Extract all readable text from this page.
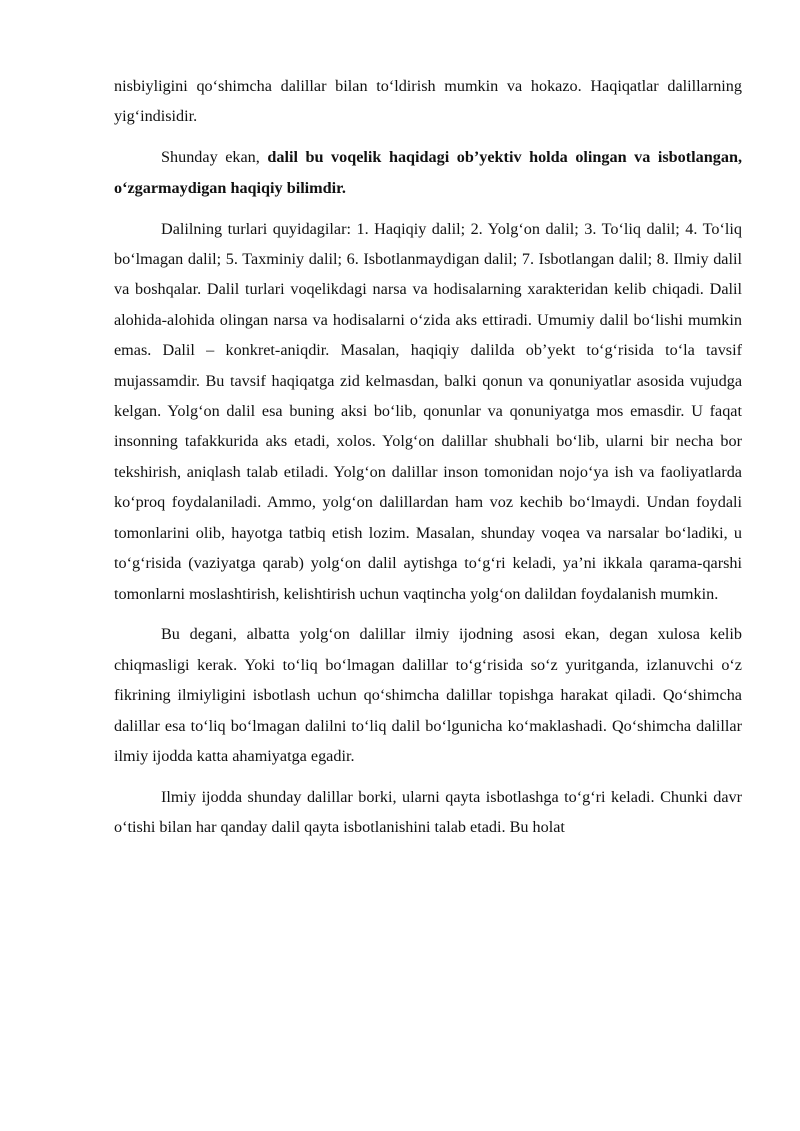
nisbiyligini qo‘shimcha dalillar bilan to‘ldirish mumkin va hokazo. Haqiqatlar dalillarning yig‘indisidir.

Shunday ekan, dalil bu voqelik haqidagi ob’yektiv holda olingan va isbotlangan, o‘zgarmaydigan haqiqiy bilimdir.

Dalilning turlari quyidagilar: 1. Haqiqiy dalil; 2. Yolg‘on dalil; 3. To‘liq dalil; 4. To‘liq bo‘lmagan dalil; 5. Taxminiy dalil; 6. Isbotlanmaydigan dalil; 7. Isbotlangan dalil; 8. Ilmiy dalil va boshqalar. Dalil turlari voqelikdagi narsa va hodisalarning xarakteridan kelib chiqadi. Dalil alohida-alohida olingan narsa va hodisalarni o‘zida aks ettiradi. Umumiy dalil bo‘lishi mumkin emas. Dalil – konkret-aniqdir. Masalan, haqiqiy dalilda ob’yekt to‘g‘risida to‘la tavsif mujassamdir. Bu tavsif haqiqatga zid kelmasdan, balki qonun va qonuniyatlar asosida vujudga kelgan. Yolg‘on dalil esa buning aksi bo‘lib, qonunlar va qonuniyatga mos emasdir. U faqat insonning tafakkurida aks etadi, xolos. Yolg‘on dalillar shubhali bo‘lib, ularni bir necha bor tekshirish, aniqlash talab etiladi. Yolg‘on dalillar inson tomonidan nojo‘ya ish va faoliyatlarda ko‘proq foydalaniladi. Ammo, yolg‘on dalillardan ham voz kechib bo‘lmaydi. Undan foydali tomonlarini olib, hayotga tatbiq etish lozim. Masalan, shunday voqea va narsalar bo‘ladiki, u to‘g‘risida (vaziyatga qarab) yolg‘on dalil aytishga to‘g‘ri keladi, ya’ni ikkala qarama-qarshi tomonlarni moslashtirish, kelishtirish uchun vaqtincha yolg‘on dalildan foydalanish mumkin.

Bu degani, albatta yolg‘on dalillar ilmiy ijodning asosi ekan, degan xulosa kelib chiqmasligi kerak. Yoki to‘liq bo‘lmagan dalillar to‘g‘risida so‘z yuritganda, izlanuvchi o‘z fikrining ilmiyligini isbotlash uchun qo‘shimcha dalillar topishga harakat qiladi. Qo‘shimcha dalillar esa to‘liq bo‘lmagan dalilni to‘liq dalil bo‘lgunicha ko‘maklashadi. Qo‘shimcha dalillar ilmiy ijodda katta ahamiyatga egadir.

Ilmiy ijodda shunday dalillar borki, ularni qayta isbotlashga to‘g‘ri keladi. Chunki davr o‘tishi bilan har qanday dalil qayta isbotlanishini talab etadi. Bu holat
